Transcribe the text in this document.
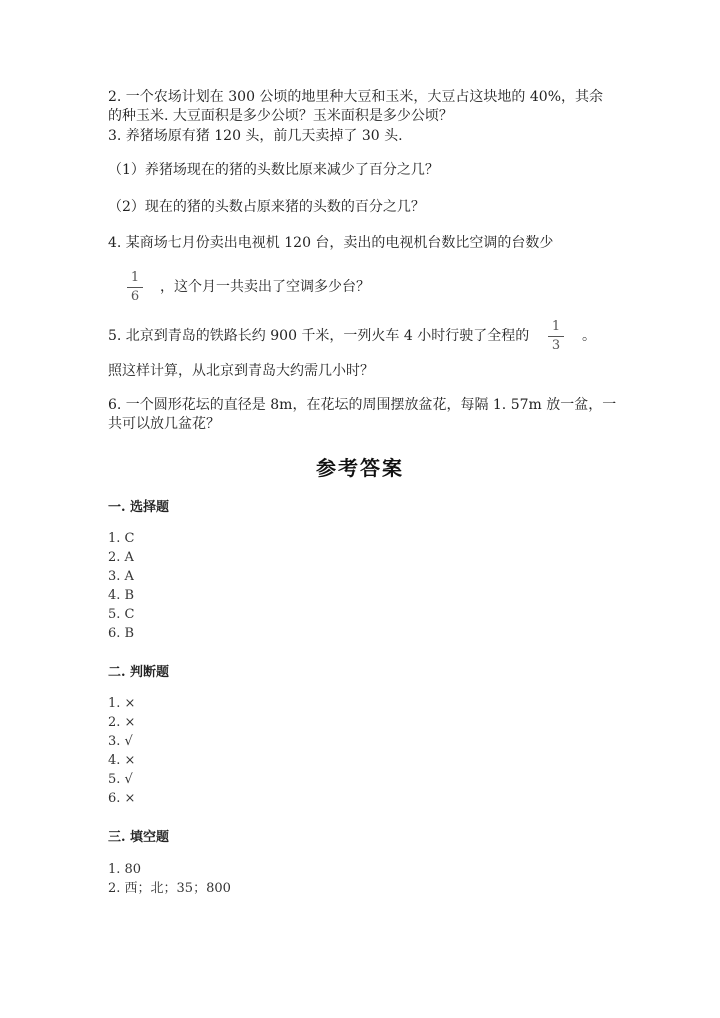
2. 一个农场计划在 300 公顷的地里种大豆和玉米，大豆占这块地的 40%，其余
的种玉米. 大豆面积是多少公顷？玉米面积是多少公顷？
3. 养猪场原有猪 120 头，前几天卖掉了 30 头.
（1）养猪场现在的猪的头数比原来减少了百分之几？
（2）现在的猪的头数占原来猪的头数的百分之几？
4. 某商场七月份卖出电视机 120 台，卖出的电视机台数比空调的台数少
1
6
，这个月一共卖出了空调多少台？
5. 北京到青岛的铁路长约 900 千米，一列火车 4 小时行驶了全程的
1
3
。
照这样计算，从北京到青岛大约需几小时？
6. 一个圆形花坛的直径是 8m，在花坛的周围摆放盆花，每隔 1. 57m 放一盆，一
共可以放几盆花？
参考答案
一. 选择题
1. C
2. A
3. A
4. B
5. C
6. B
二. 判断题
1. ×
2. ×
3. √
4. ×
5. √
6. ×
三. 填空题
1. 80
2. 西；北；35；800
